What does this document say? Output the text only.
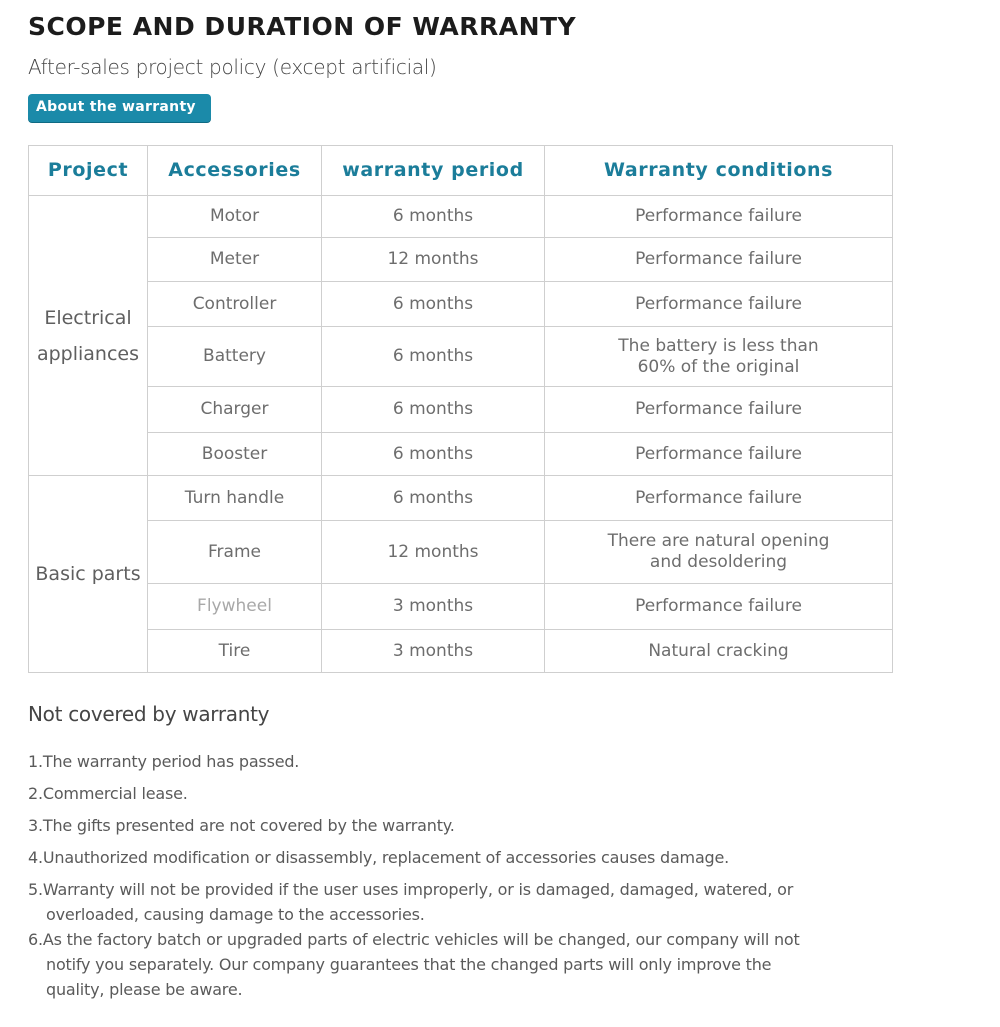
SCOPE AND DURATION OF WARRANTY
After-sales project policy (except artificial)
About the warranty
Project	Accessories	warranty period	Warranty conditions
Electrical appliances	Motor	6 months	Performance failure
	Meter	12 months	Performance failure
	Controller	6 months	Performance failure
	Battery	6 months	The battery is less than 60% of the original
	Charger	6 months	Performance failure
	Booster	6 months	Performance failure
Basic parts	Turn handle	6 months	Performance failure
	Frame	12 months	There are natural opening and desoldering
	Flywheel	3 months	Performance failure
	Tire	3 months	Natural cracking
Not covered by warranty
1.The warranty period has passed.
2.Commercial lease.
3.The gifts presented are not covered by the warranty.
4.Unauthorized modification or disassembly, replacement of accessories causes damage.
5.Warranty will not be provided if the user uses improperly, or is damaged, damaged, watered, or overloaded, causing damage to the accessories.
6.As the factory batch or upgraded parts of electric vehicles will be changed, our company will not notify you separately. Our company guarantees that the changed parts will only improve the quality, please be aware.
